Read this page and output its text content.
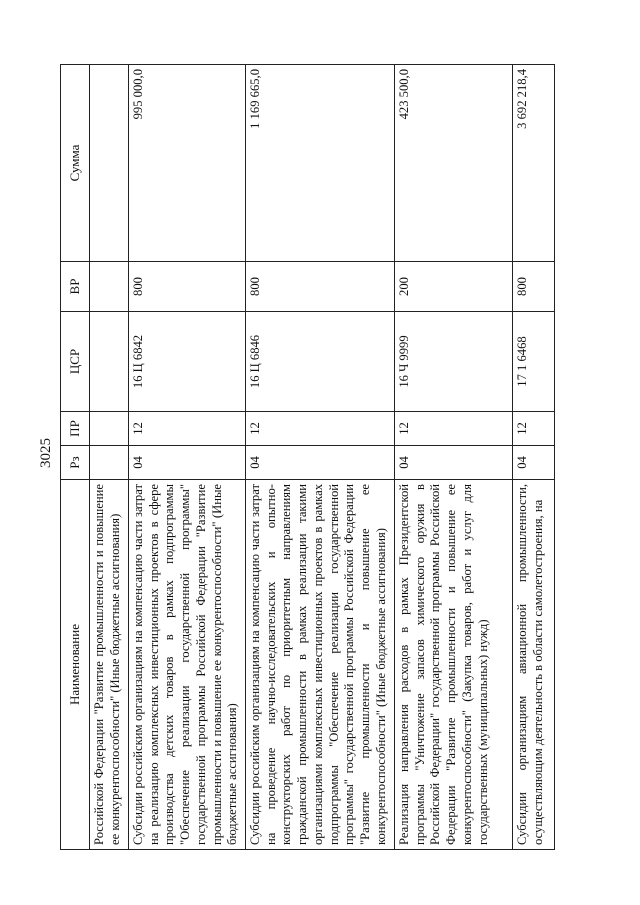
3025
Наименование	Рз	ПР	ЦСР	ВР	Сумма
Российской Федерации "Развитие промышленности и повышение ее конкурентоспособности" (Иные бюджетные ассигнования)					
Субсидии российским организациям на компенсацию части затрат на реализацию комплексных инвестиционных проектов в сфере производства детских товаров в рамках подпрограммы "Обеспечение реализации государственной программы" государственной программы Российской Федерации "Развитие промышленности и повышение ее конкурентоспособности" (Иные бюджетные ассигнования)	04	12	16 Ц 6842	800	995 000,0
Субсидии российским организациям на компенсацию части затрат на проведение научно-исследовательских и опытно-конструкторских работ по приоритетным направлениям гражданской промышленности в рамках реализации такими организациями комплексных инвестиционных проектов в рамках подпрограммы "Обеспечение реализации государственной программы" государственной программы Российской Федерации "Развитие промышленности и повышение ее конкурентоспособности" (Иные бюджетные ассигнования)	04	12	16 Ц 6846	800	1 169 665,0
Реализация направления расходов в рамках Президентской программы "Уничтожение запасов химического оружия в Российской Федерации" государственной программы Российской Федерации "Развитие промышленности и повышение ее конкурентоспособности" (Закупка товаров, работ и услуг для государственных (муниципальных) нужд)	04	12	16 Ч 9999	200	423 500,0
Субсидии организациям авиационной промышленности, осуществляющим деятельность в области самолетостроения, на	04	12	17 1 6468	800	3 692 218,4
